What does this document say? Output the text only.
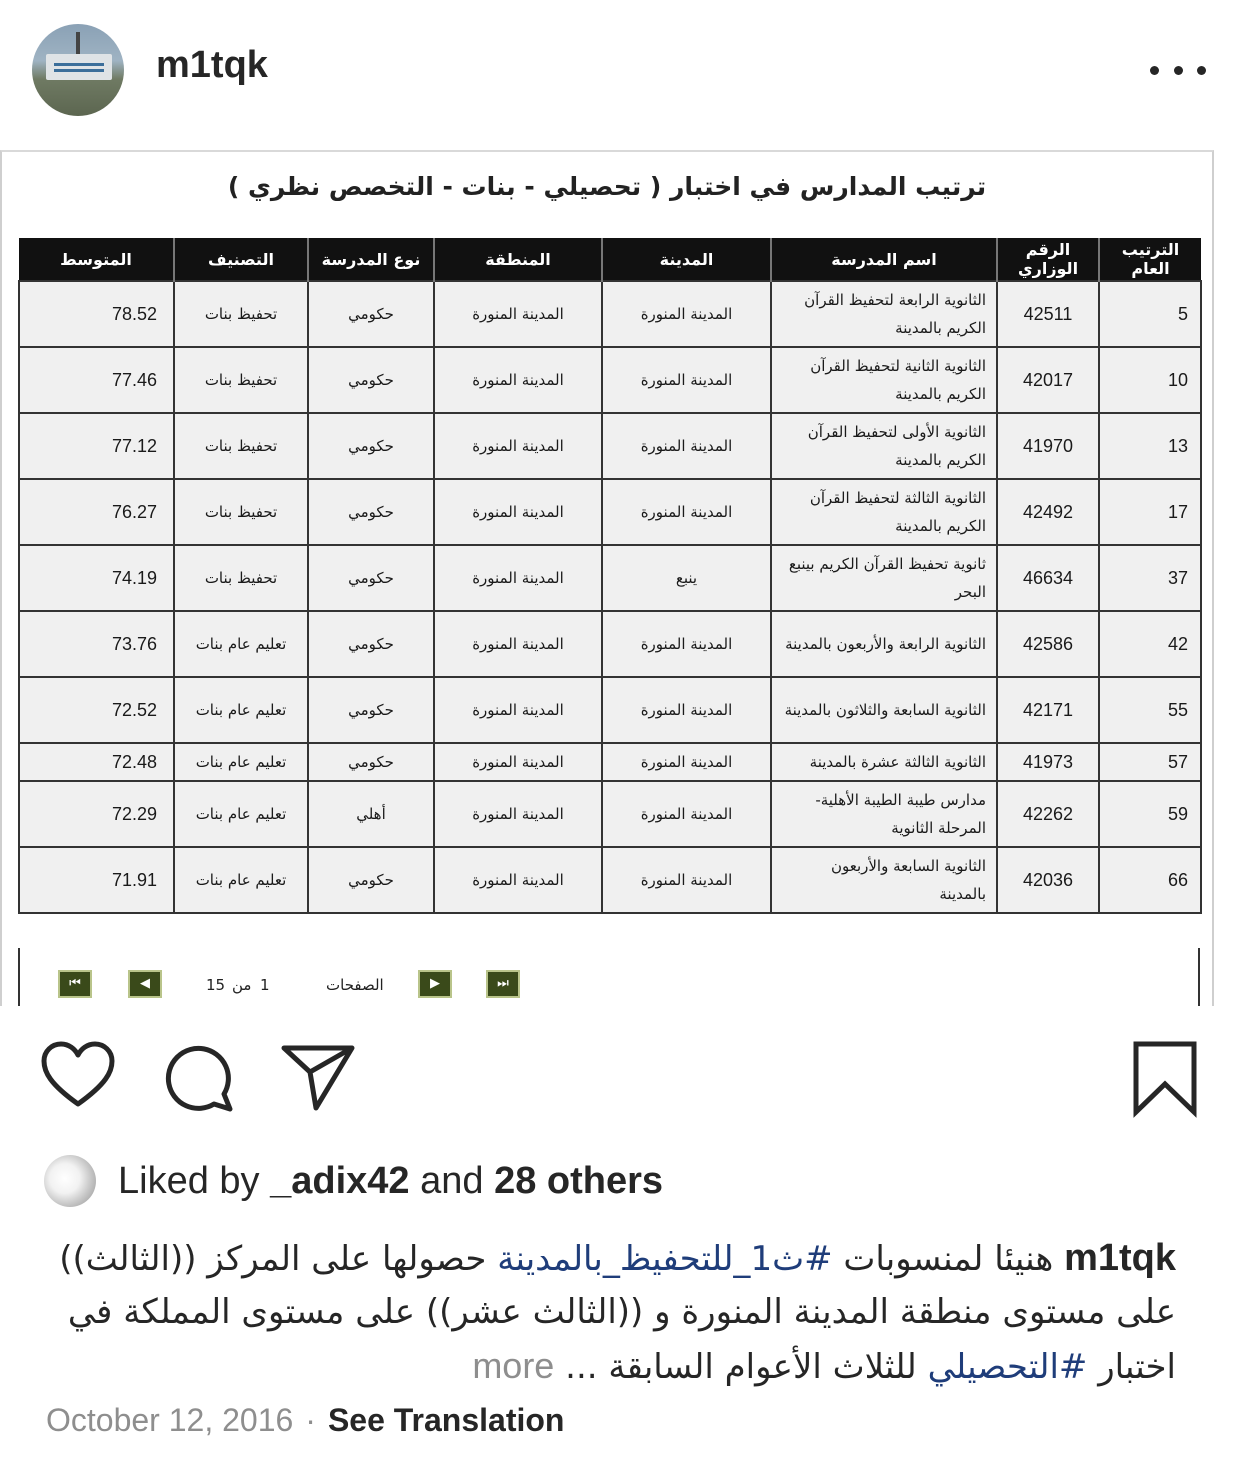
m1tqk
ترتيب المدارس في اختبار ( تحصيلي - بنات - التخصص نظري )
الترتيب العام	الرقم الوزاري	اسم المدرسة	المدينة	المنطقة	نوع المدرسة	التصنيف	المتوسط
5	42511	الثانوية الرابعة لتحفيظ القرآن الكريم بالمدينة	المدينة المنورة	المدينة المنورة	حكومي	تحفيظ بنات	78.52
10	42017	الثانوية الثانية لتحفيظ القرآن الكريم بالمدينة	المدينة المنورة	المدينة المنورة	حكومي	تحفيظ بنات	77.46
13	41970	الثانوية الأولى لتحفيظ القرآن الكريم بالمدينة	المدينة المنورة	المدينة المنورة	حكومي	تحفيظ بنات	77.12
17	42492	الثانوية الثالثة لتحفيظ القرآن الكريم بالمدينة	المدينة المنورة	المدينة المنورة	حكومي	تحفيظ بنات	76.27
37	46634	ثانوية تحفيظ القرآن الكريم بينبع البحر	ينبع	المدينة المنورة	حكومي	تحفيظ بنات	74.19
42	42586	الثانوية الرابعة والأربعون بالمدينة	المدينة المنورة	المدينة المنورة	حكومي	تعليم عام بنات	73.76
55	42171	الثانوية السابعة والثلاثون بالمدينة	المدينة المنورة	المدينة المنورة	حكومي	تعليم عام بنات	72.52
57	41973	الثانوية الثالثة عشرة بالمدينة	المدينة المنورة	المدينة المنورة	حكومي	تعليم عام بنات	72.48
59	42262	مدارس طيبة الطيبة الأهلية-المرحلة الثانوية	المدينة المنورة	المدينة المنورة	أهلي	تعليم عام بنات	72.29
66	42036	الثانوية السابعة والأربعون بالمدينة	المدينة المنورة	المدينة المنورة	حكومي	تعليم عام بنات	71.91
⏮	◀	15 من 1	الصفحات	▶	⏭
Liked by _adix42 and 28 others
m1tqk هنيئا لمنسوبات #ث1_للتحفيظ_بالمدينة حصولها على المركز ((الثالث)) على مستوى منطقة المدينة المنورة و ((الثالث عشر)) على مستوى المملكة في اختبار #التحصيلي للثلاث الأعوام السابقة ... more
October 12, 2016 · See Translation
